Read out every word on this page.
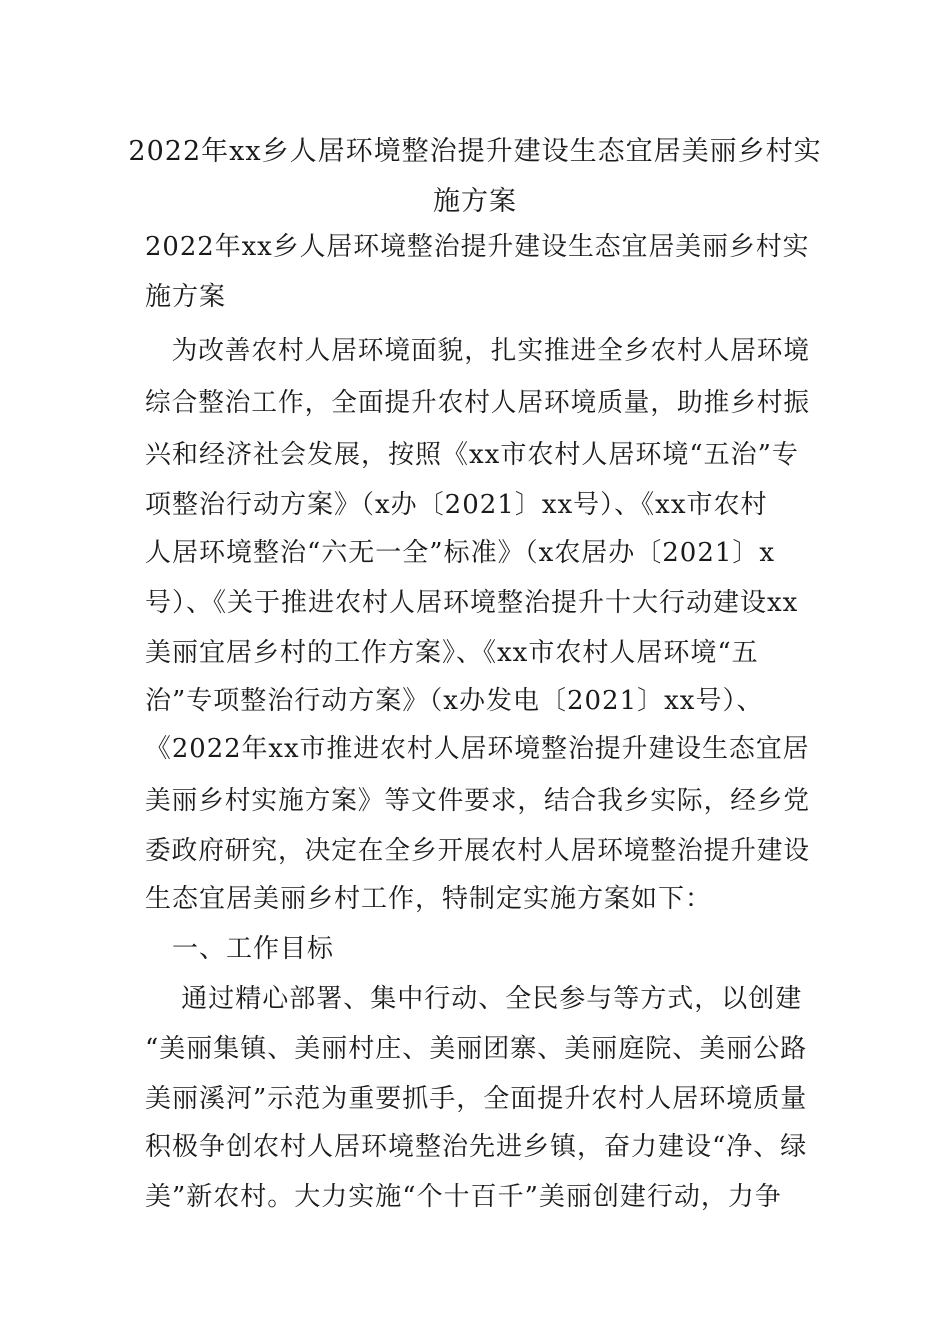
2022年xx乡人居环境整治提升建设生态宜居美丽乡村实
施方案
2022年xx乡人居环境整治提升建设生态宜居美丽乡村实
施方案
　为改善农村人居环境面貌，扎实推进全乡农村人居环境
综合整治工作，全面提升农村人居环境质量，助推乡村振
兴和经济社会发展，按照《xx市农村人居环境“五治”专
项整治行动方案》（x办〔2021〕xx号）、《xx市农村
人居环境整治“六无一全”标准》（x农居办〔2021〕x
号）、《关于推进农村人居环境整治提升十大行动建设xx
美丽宜居乡村的工作方案》、《xx市农村人居环境“五
治”专项整治行动方案》（x办发电〔2021〕xx号）、
《2022年xx市推进农村人居环境整治提升建设生态宜居
美丽乡村实施方案》等文件要求，结合我乡实际，经乡党
委政府研究，决定在全乡开展农村人居环境整治提升建设
生态宜居美丽乡村工作，特制定实施方案如下：
　一、工作目标
　 通过精心部署、集中行动、全民参与等方式，以创建
“美丽集镇、美丽村庄、美丽团寨、美丽庭院、美丽公路
美丽溪河”示范为重要抓手，全面提升农村人居环境质量
积极争创农村人居环境整治先进乡镇，奋力建设“净、绿
美”新农村。大力实施“个十百千”美丽创建行动，力争
